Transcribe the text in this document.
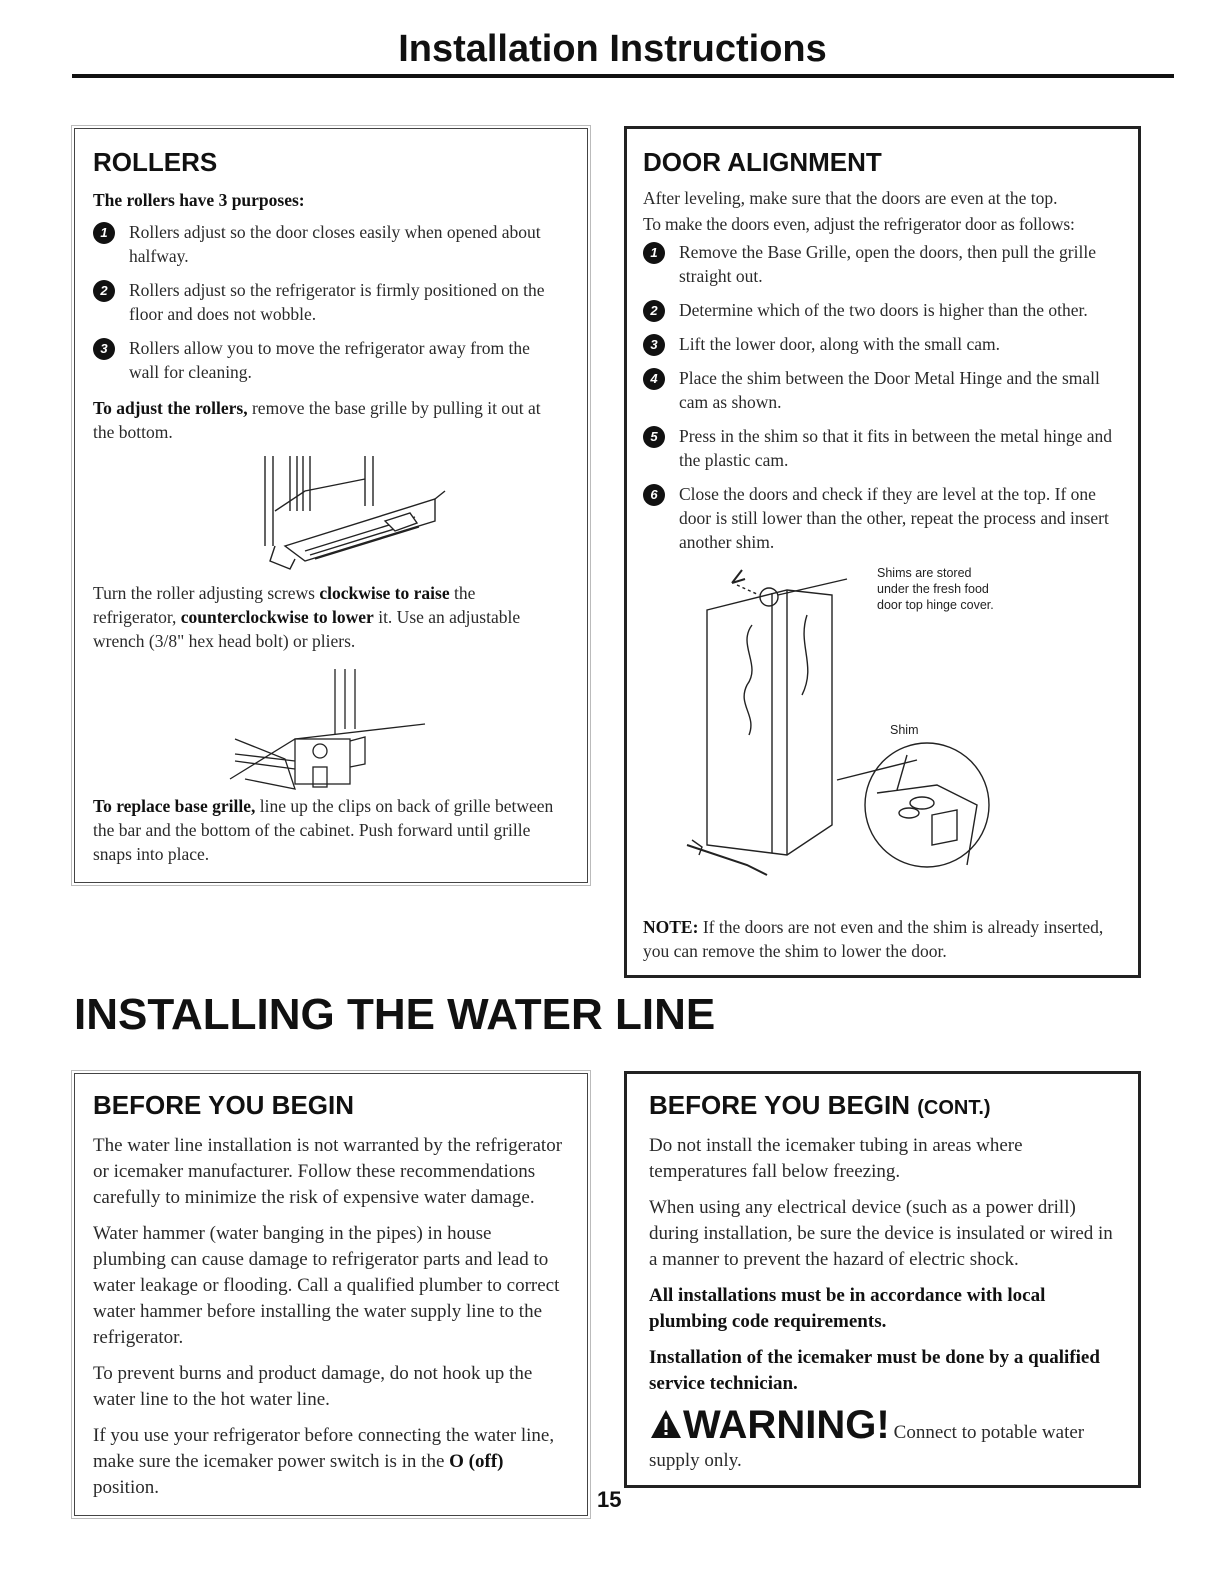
Installation Instructions

ROLLERS

The rollers have 3 purposes:

1	Rollers adjust so the door closes easily when opened about halfway.
2	Rollers adjust so the refrigerator is firmly positioned on the floor and does not wobble.
3	Rollers allow you to move the refrigerator away from the wall for cleaning.

To adjust the rollers, remove the base grille by pulling it out at the bottom.

Turn the roller adjusting screws clockwise to raise the refrigerator, counterclockwise to lower it. Use an adjustable wrench (3/8" hex head bolt) or pliers.

To replace base grille, line up the clips on back of grille between the bar and the bottom of the cabinet. Push forward until grille snaps into place.

DOOR ALIGNMENT

After leveling, make sure that the doors are even at the top.

To make the doors even, adjust the refrigerator door as follows:

1	Remove the Base Grille, open the doors, then pull the grille straight out.
2	Determine which of the two doors is higher than the other.
3	Lift the lower door, along with the small cam.
4	Place the shim between the Door Metal Hinge and the small cam as shown.
5	Press in the shim so that it fits in between the metal hinge and the plastic cam.
6	Close the doors and check if they are level at the top. If one door is still lower than the other, repeat the process and insert another shim.
Shims are stored
under the fresh food
door top hinge cover.
Shim

NOTE: If the doors are not even and the shim is already inserted, you can remove the shim to lower the door.

INSTALLING THE WATER LINE

BEFORE YOU BEGIN

The water line installation is not warranted by the refrigerator or icemaker manufacturer. Follow these recommendations carefully to minimize the risk of expensive water damage.

Water hammer (water banging in the pipes) in house plumbing can cause damage to refrigerator parts and lead to water leakage or flooding. Call a qualified plumber to correct water hammer before installing the water supply line to the refrigerator.

To prevent burns and product damage, do not hook up the water line to the hot water line.

If you use your refrigerator before connecting the water line, make sure the icemaker power switch is in the O (off) position.

BEFORE YOU BEGIN (CONT.)

Do not install the icemaker tubing in areas where temperatures fall below freezing.

When using any electrical device (such as a power drill) during installation, be sure the device is insulated or wired in a manner to prevent the hazard of electric shock.

All installations must be in accordance with local plumbing code requirements.

Installation of the icemaker must be done by a qualified service technician.

WARNING! Connect to potable water supply only.
15
